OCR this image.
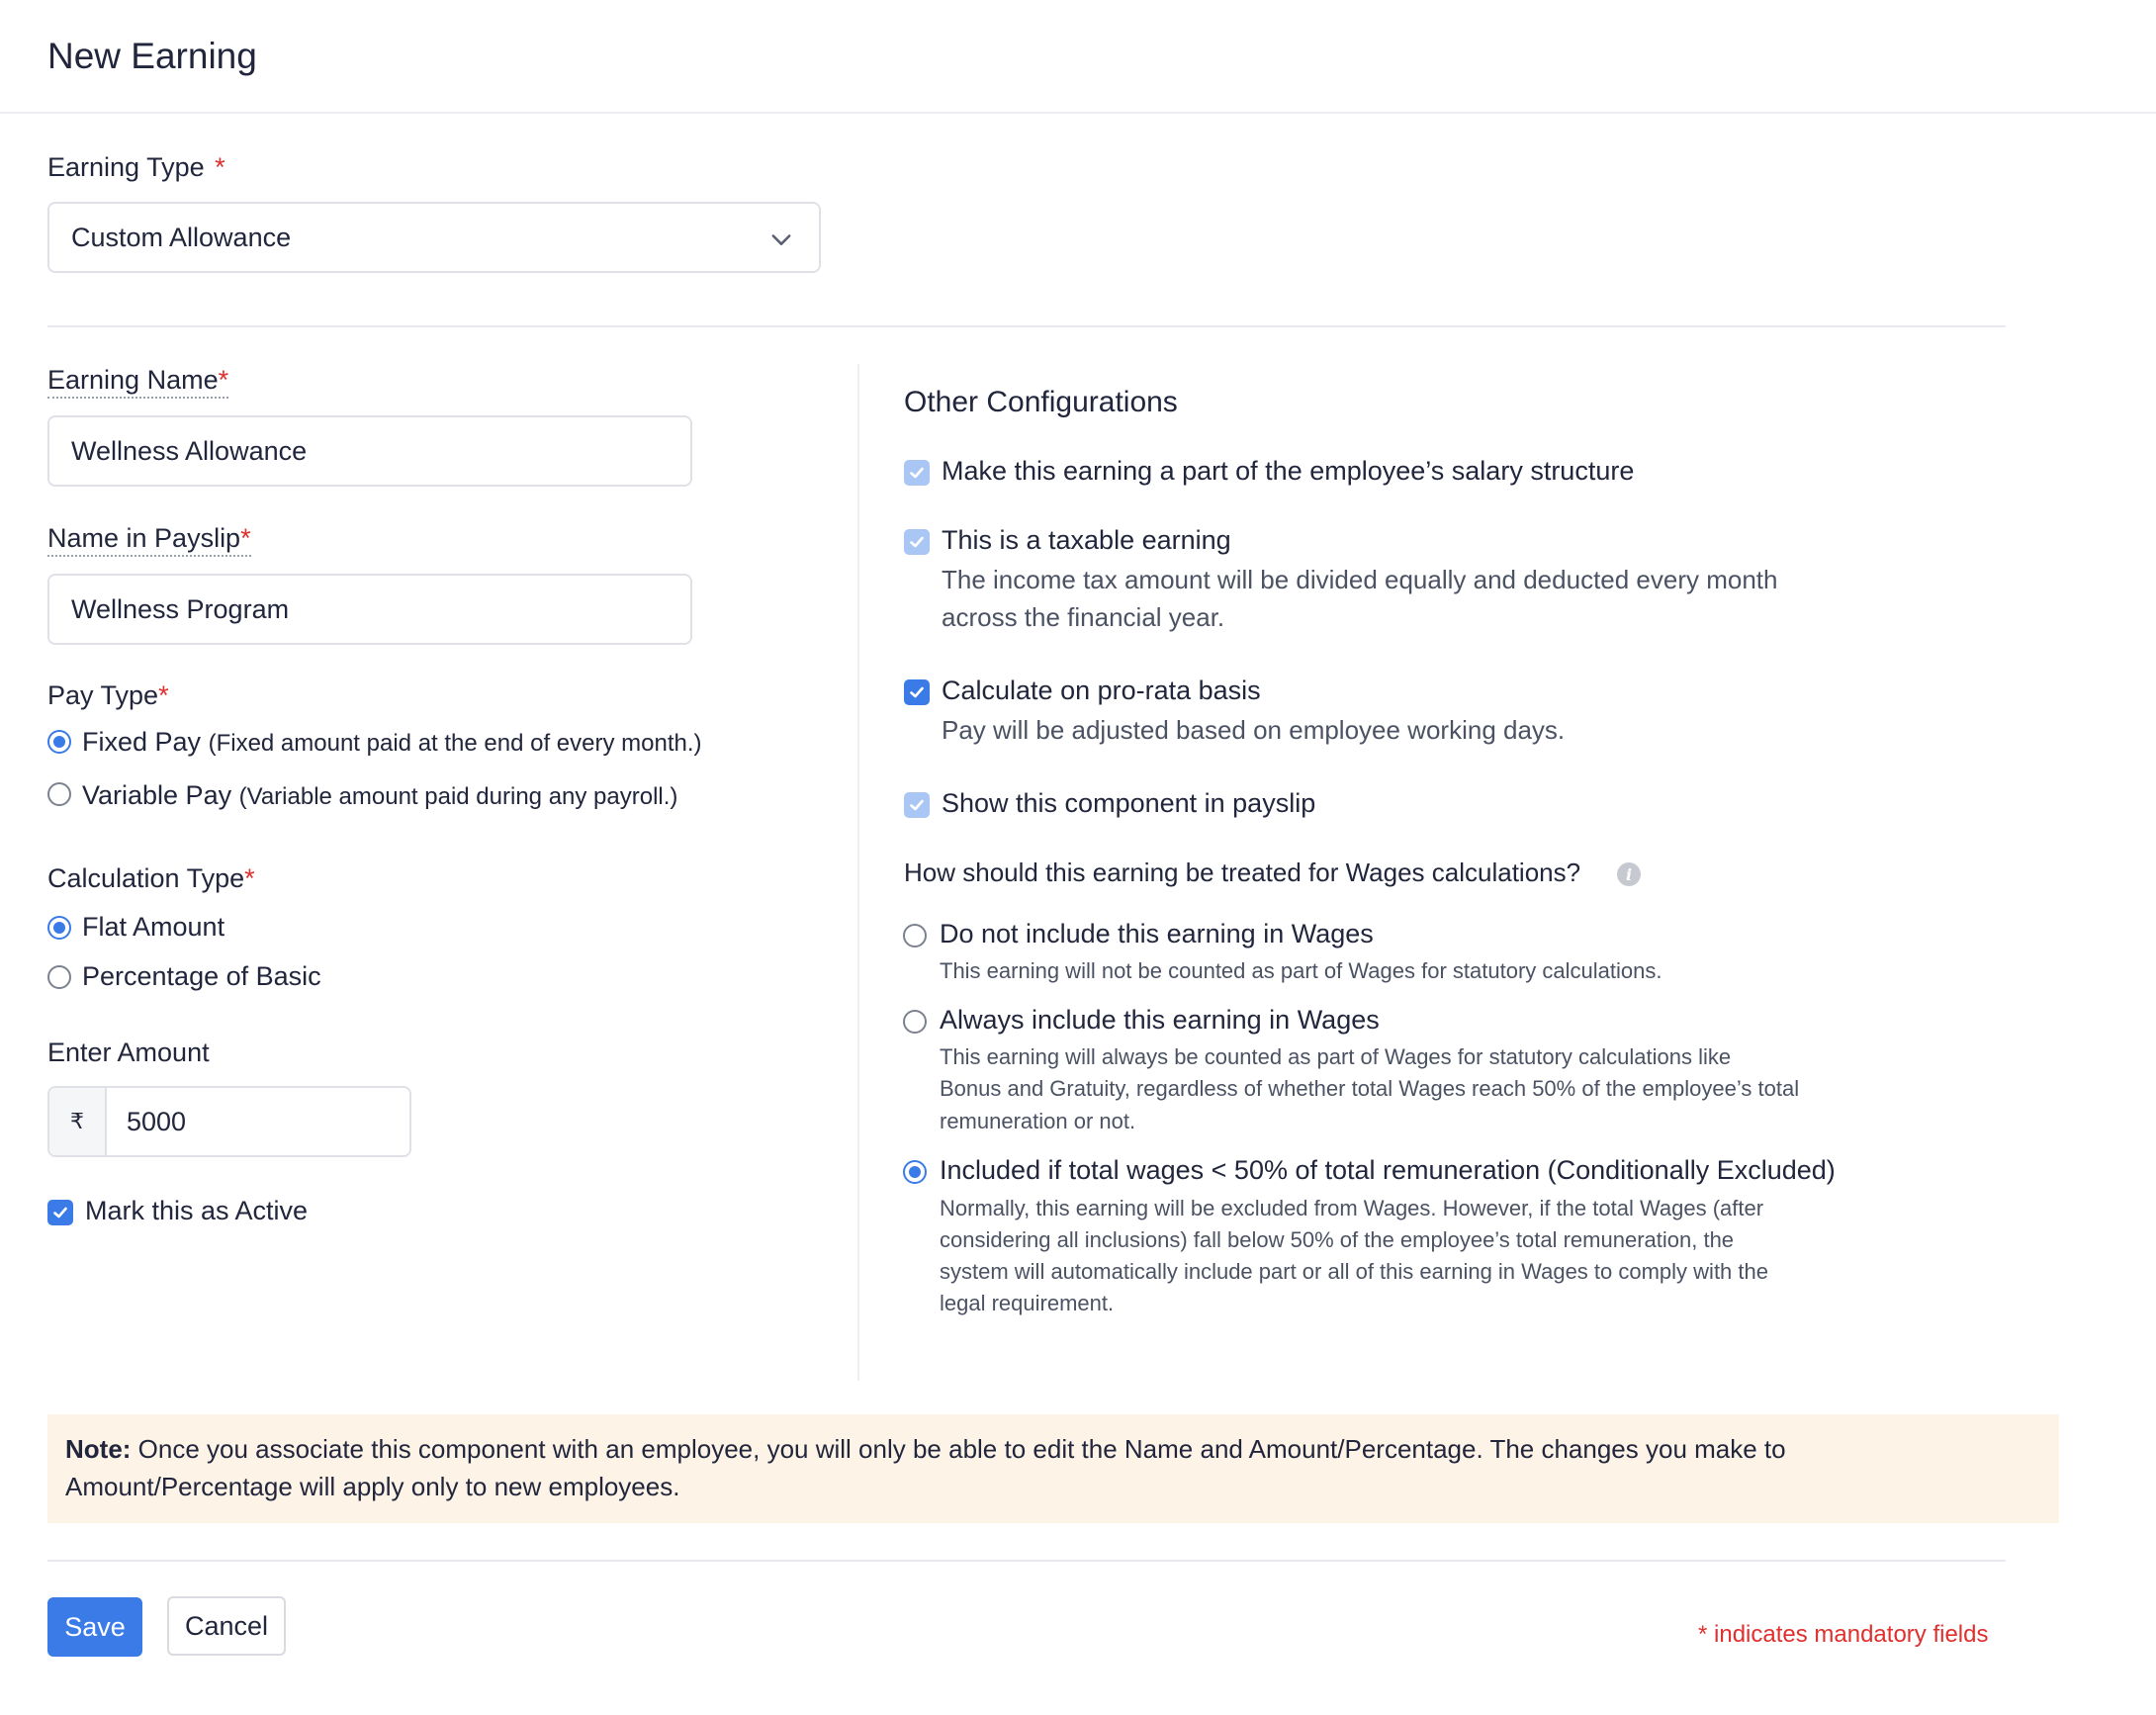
New Earning
Earning Type *
Custom Allowance
Earning Name*
Wellness Allowance
Name in Payslip*
Wellness Program
Pay Type*
Fixed Pay (Fixed amount paid at the end of every month.)
Variable Pay (Variable amount paid during any payroll.)
Calculation Type*
Flat Amount
Percentage of Basic
Enter Amount
₹	5000
Mark this as Active
Other Configurations
Make this earning a part of the employee’s salary structure
This is a taxable earning
The income tax amount will be divided equally and deducted every month
across the financial year.
Calculate on pro-rata basis
Pay will be adjusted based on employee working days.
Show this component in payslip
How should this earning be treated for Wages calculations?	i
Do not include this earning in Wages
This earning will not be counted as part of Wages for statutory calculations.
Always include this earning in Wages
This earning will always be counted as part of Wages for statutory calculations like
Bonus and Gratuity, regardless of whether total Wages reach 50% of the employee’s total
remuneration or not.
Included if total wages < 50% of total remuneration (Conditionally Excluded)
Normally, this earning will be excluded from Wages. However, if the total Wages (after
considering all inclusions) fall below 50% of the employee’s total remuneration, the
system will automatically include part or all of this earning in Wages to comply with the
legal requirement.
Note: Once you associate this component with an employee, you will only be able to edit the Name and Amount/Percentage. The changes you make to
Amount/Percentage will apply only to new employees.
Save	Cancel	* indicates mandatory fields
